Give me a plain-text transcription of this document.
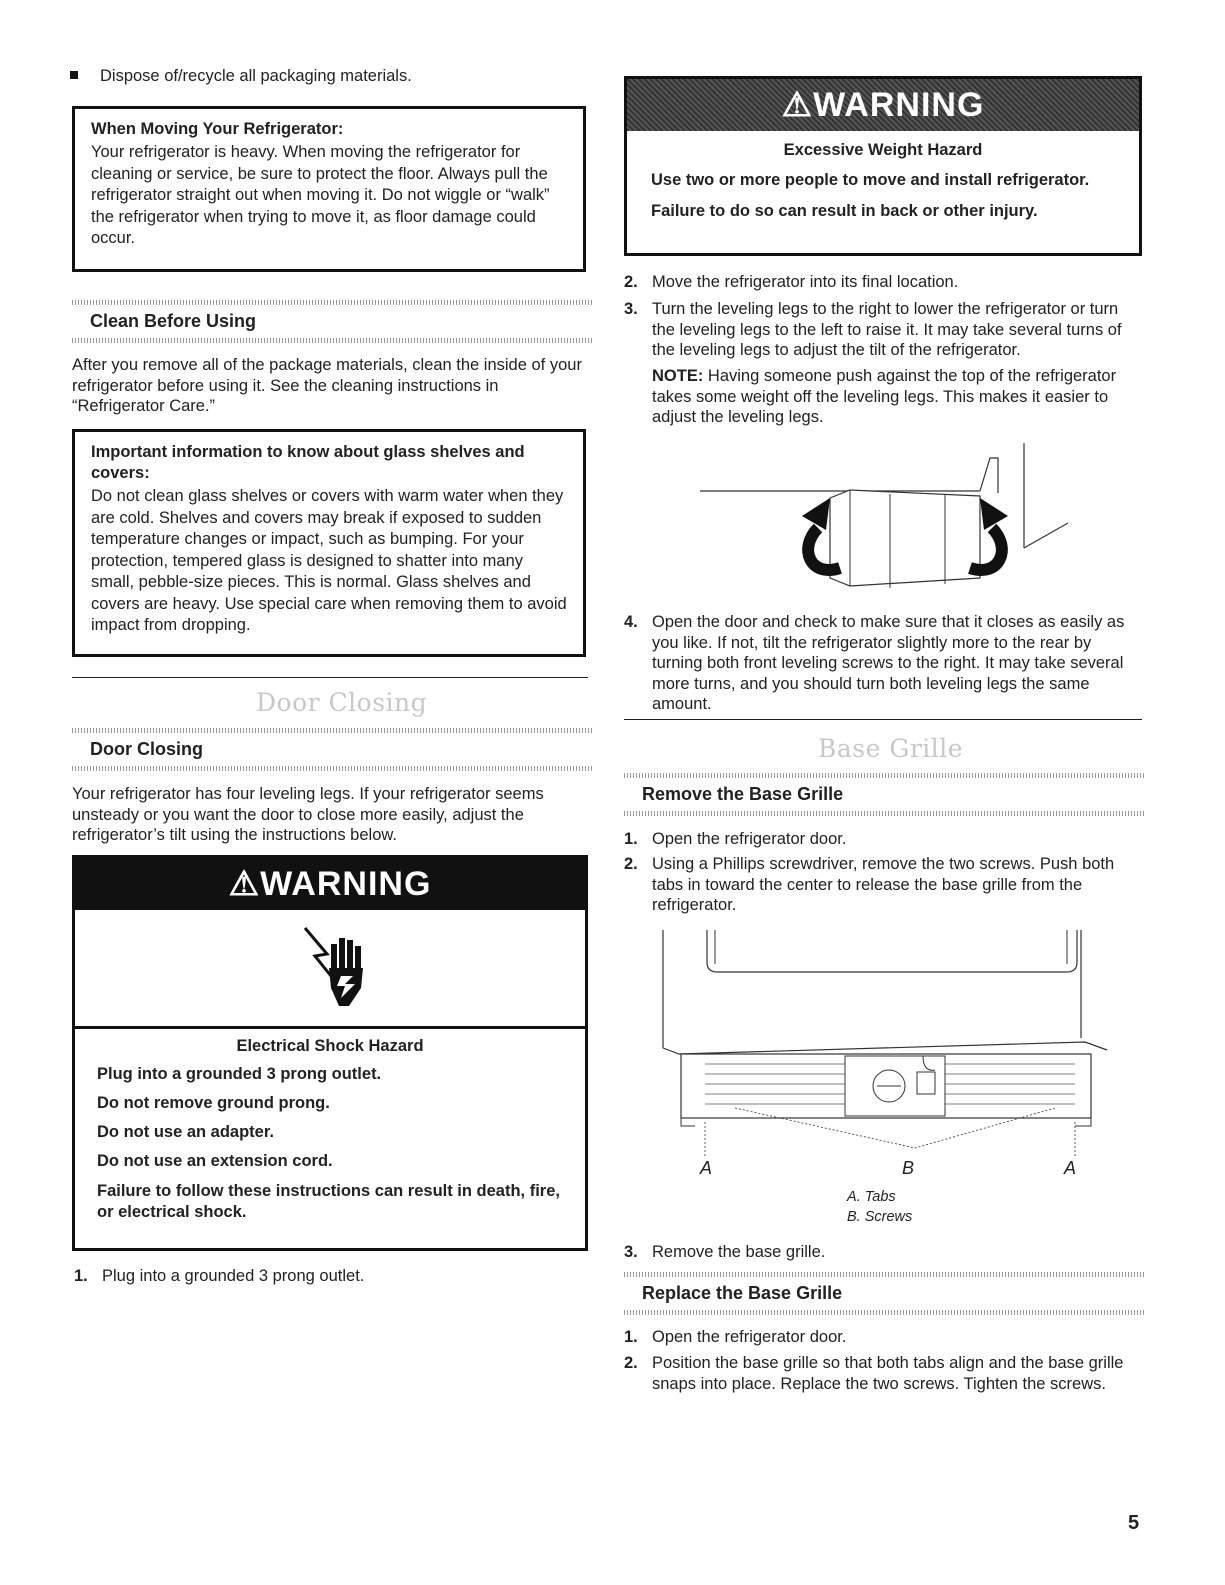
Dispose of/recycle all packaging materials.

When Moving Your Refrigerator:

Your refrigerator is heavy. When moving the refrigerator for cleaning or service, be sure to protect the floor. Always pull the refrigerator straight out when moving it. Do not wiggle or “walk” the refrigerator when trying to move it, as floor damage could occur.

Clean Before Using

After you remove all of the package materials, clean the inside of your refrigerator before using it. See the cleaning instructions in “Refrigerator Care.”

Important information to know about glass shelves and covers:

Do not clean glass shelves or covers with warm water when they are cold. Shelves and covers may break if exposed to sudden temperature changes or impact, such as bumping. For your protection, tempered glass is designed to shatter into many small, pebble-size pieces. This is normal. Glass shelves and covers are heavy. Use special care when removing them to avoid impact from dropping.

Door Closing

Door Closing

Your refrigerator has four leveling legs. If your refrigerator seems unsteady or you want the door to close more easily, adjust the refrigerator’s tilt using the instructions below.

⚠WARNING

Electrical Shock Hazard

Plug into a grounded 3 prong outlet.

Do not remove ground prong.

Do not use an adapter.

Do not use an extension cord.

Failure to follow these instructions can result in death, fire, or electrical shock.

1. Plug into a grounded 3 prong outlet.
⚠WARNING

Excessive Weight Hazard

Use two or more people to move and install refrigerator.

Failure to do so can result in back or other injury.

2. Move the refrigerator into its final location.
3. Turn the leveling legs to the right to lower the refrigerator or turn the leveling legs to the left to raise it. It may take several turns of the leveling legs to adjust the tilt of the refrigerator.

NOTE: Having someone push against the top of the refrigerator takes some weight off the leveling legs. This makes it easier to adjust the leveling legs.

4. Open the door and check to make sure that it closes as easily as you like. If not, tilt the refrigerator slightly more to the rear by turning both front leveling screws to the right. It may take several more turns, and you should turn both leveling legs the same amount.
Base Grille

Remove the Base Grille

1. Open the refrigerator door.
2. Using a Phillips screwdriver, remove the two screws. Push both tabs in toward the center to release the base grille from the refrigerator.
A	B	A
A. Tabs
B. Screws
3. Remove the base grille.

Replace the Base Grille

1. Open the refrigerator door.
2. Position the base grille so that both tabs align and the base grille snaps into place. Replace the two screws. Tighten the screws.
5
